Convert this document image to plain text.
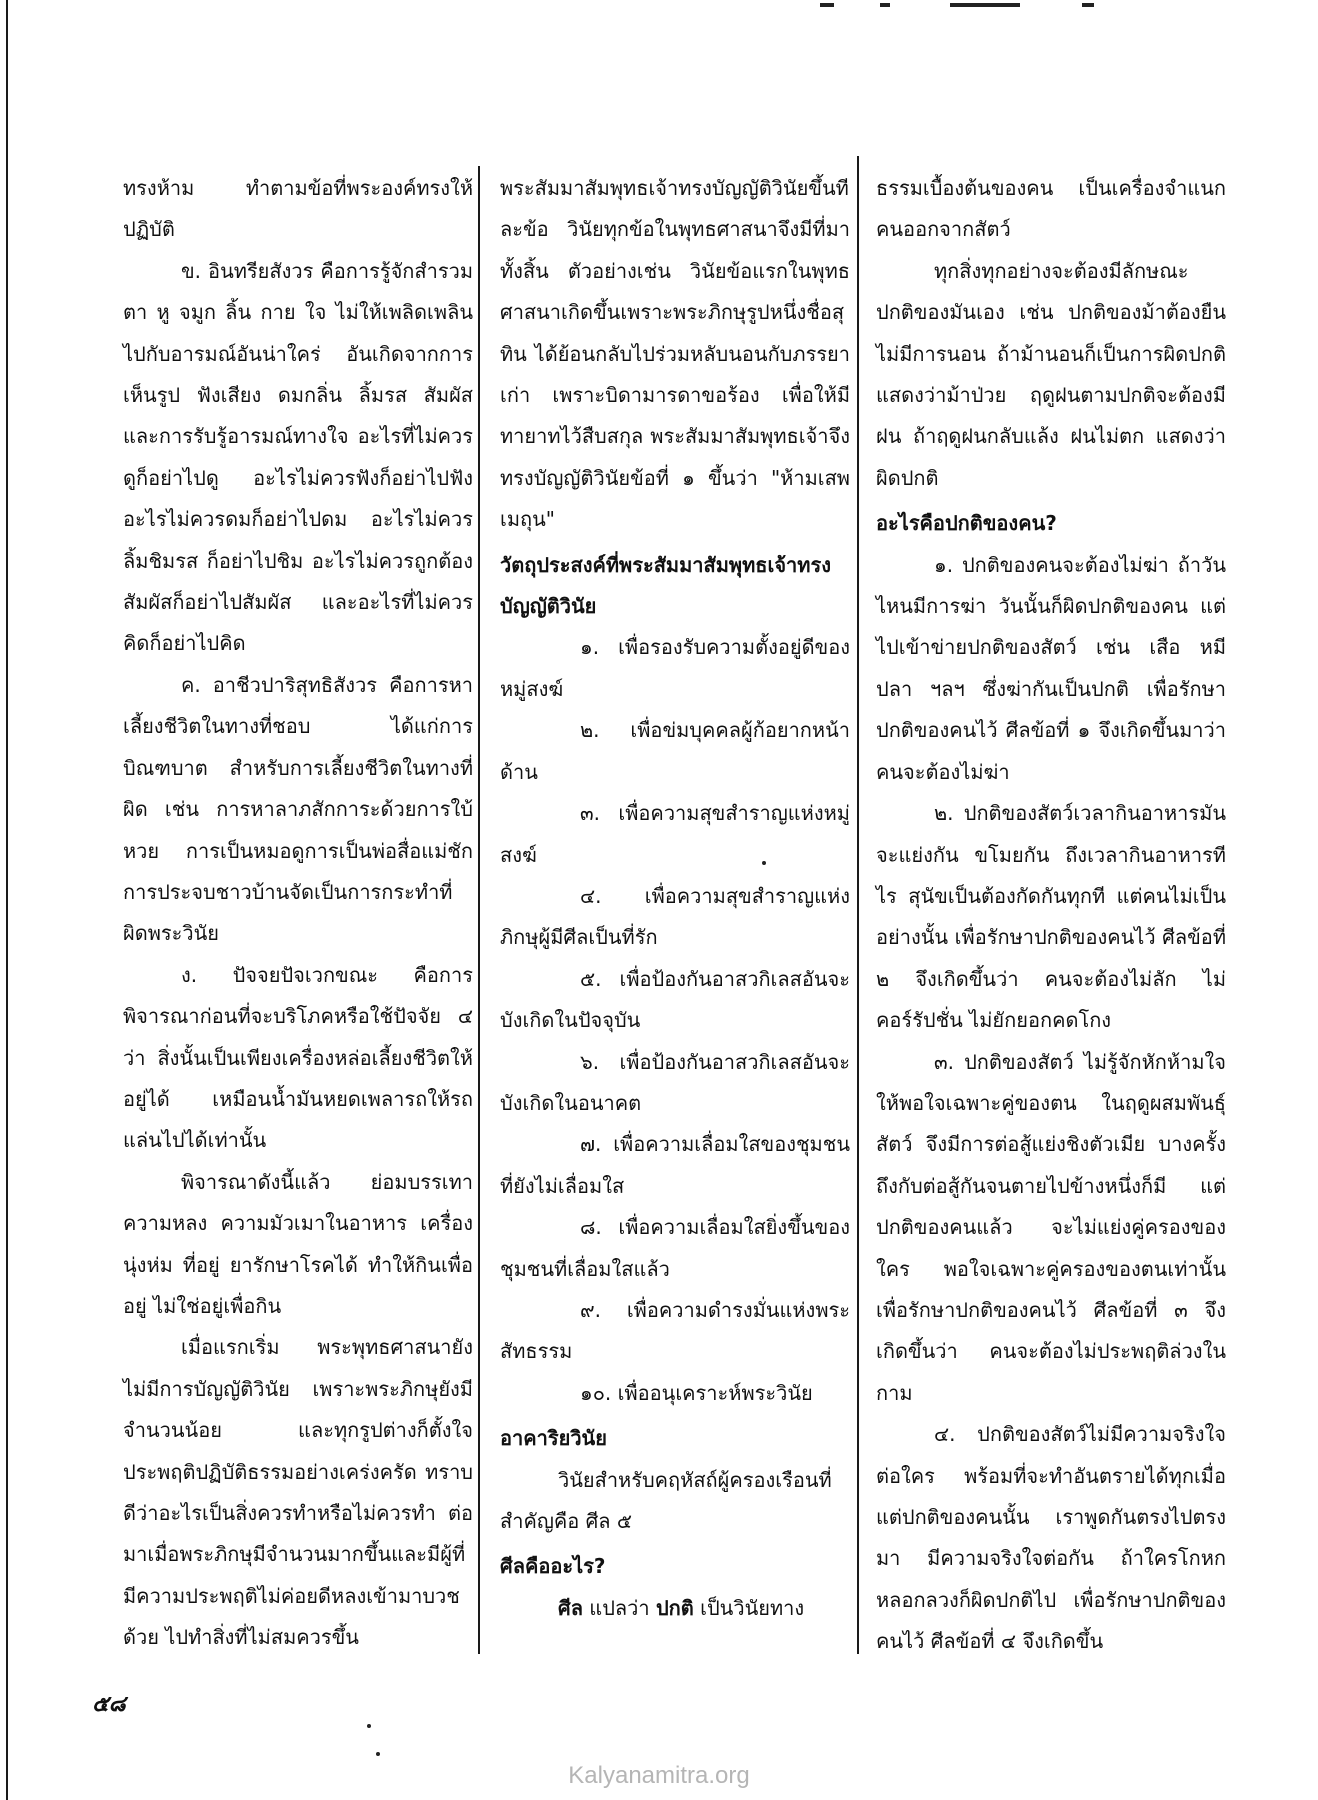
ทรงห้าม ทำตามข้อที่พระองค์ทรงให้ปฏิบัติ

ข. อินทรียสังวร คือการรู้จักสำรวม ตา หู จมูก ลิ้น กาย ใจ ไม่ให้เพลิดเพลินไปกับอารมณ์อันน่าใคร่ อันเกิดจากการเห็นรูป ฟังเสียง ดมกลิ่น ลิ้มรส สัมผัส และการรับรู้อารมณ์ทางใจ อะไรที่ไม่ควรดูก็อย่าไปดู อะไรไม่ควรฟังก็อย่าไปฟัง อะไรไม่ควรดมก็อย่าไปดม อะไรไม่ควรลิ้มชิมรส ก็อย่าไปชิม อะไรไม่ควรถูกต้องสัมผัสก็อย่าไปสัมผัส และอะไรที่ไม่ควรคิดก็อย่าไปคิด

ค. อาชีวปาริสุทธิสังวร คือการหาเลี้ยงชีวิตในทางที่ชอบ ได้แก่การบิณฑบาต สำหรับการเลี้ยงชีวิตในทางที่ผิด เช่น การหาลาภสักการะด้วยการใบ้หวย การเป็นหมอดูการเป็นพ่อสื่อแม่ชักการประจบชาวบ้านจัดเป็นการกระทำที่ผิดพระวินัย

ง. ปัจจยปัจเวกขณะ คือการพิจารณาก่อนที่จะบริโภคหรือใช้ปัจจัย ๔ ว่า สิ่งนั้นเป็นเพียงเครื่องหล่อเลี้ยงชีวิตให้อยู่ได้ เหมือนน้ำมันหยดเพลารถให้รถแล่นไปได้เท่านั้น

พิจารณาดังนี้แล้ว ย่อมบรรเทาความหลง ความมัวเมาในอาหาร เครื่องนุ่งห่ม ที่อยู่ ยารักษาโรคได้ ทำให้กินเพื่ออยู่ ไม่ใช่อยู่เพื่อกิน

เมื่อแรกเริ่ม พระพุทธศาสนายังไม่มีการบัญญัติวินัย เพราะพระภิกษุยังมีจำนวนน้อย และทุกรูปต่างก็ตั้งใจประพฤติปฏิบัติธรรมอย่างเคร่งครัด ทราบดีว่าอะไรเป็นสิ่งควรทำหรือไม่ควรทำ ต่อมาเมื่อพระภิกษุมีจำนวนมากขึ้นและมีผู้ที่มีความประพฤติไม่ค่อยดีหลงเข้ามาบวชด้วย ไปทำสิ่งที่ไม่สมควรขึ้น

พระสัมมาสัมพุทธเจ้าทรงบัญญัติวินัยขึ้นทีละข้อ วินัยทุกข้อในพุทธศาสนาจึงมีที่มาทั้งสิ้น ตัวอย่างเช่น วินัยข้อแรกในพุทธศาสนาเกิดขึ้นเพราะพระภิกษุรูปหนึ่งชื่อสุทิน ได้ย้อนกลับไปร่วมหลับนอนกับภรรยาเก่า เพราะบิดามารดาขอร้อง เพื่อให้มีทายาทไว้สืบสกุล พระสัมมาสัมพุทธเจ้าจึงทรงบัญญัติวินัยข้อที่ ๑ ขึ้นว่า "ห้ามเสพเมถุน"

วัตถุประสงค์ที่พระสัมมาสัมพุทธเจ้าทรงบัญญัติวินัย

๑. เพื่อรองรับความตั้งอยู่ดีของหมู่สงฆ์

๒. เพื่อข่มบุคคลผู้ก้อยากหน้าด้าน

๓. เพื่อความสุขสำราญแห่งหมู่สงฆ์

๔. เพื่อความสุขสำราญแห่งภิกษุผู้มีศีลเป็นที่รัก

๕. เพื่อป้องกันอาสวกิเลสอันจะบังเกิดในปัจจุบัน

๖. เพื่อป้องกันอาสวกิเลสอันจะบังเกิดในอนาคต

๗. เพื่อความเลื่อมใสของชุมชนที่ยังไม่เลื่อมใส

๘. เพื่อความเลื่อมใสยิ่งขึ้นของชุมชนที่เลื่อมใสแล้ว

๙. เพื่อความดำรงมั่นแห่งพระสัทธรรม

๑๐. เพื่ออนุเคราะห์พระวินัย

อาคาริยวินัย

วินัยสำหรับคฤหัสถ์ผู้ครองเรือนที่สำคัญคือ ศีล ๕

ศีลคืออะไร?

ศีล แปลว่า ปกติ เป็นวินัยทาง

ธรรมเบื้องต้นของคน เป็นเครื่องจำแนกคนออกจากสัตว์

ทุกสิ่งทุกอย่างจะต้องมีลักษณะปกติของมันเอง เช่น ปกติของม้าต้องยืน ไม่มีการนอน ถ้าม้านอนก็เป็นการผิดปกติ แสดงว่าม้าป่วย ฤดูฝนตามปกติจะต้องมีฝน ถ้าฤดูฝนกลับแล้ง ฝนไม่ตก แสดงว่าผิดปกติ

อะไรคือปกติของคน?

๑. ปกติของคนจะต้องไม่ฆ่า ถ้าวันไหนมีการฆ่า วันนั้นก็ผิดปกติของคน แต่ไปเข้าข่ายปกติของสัตว์ เช่น เสือ หมี ปลา ฯลฯ ซึ่งฆ่ากันเป็นปกติ เพื่อรักษาปกติของคนไว้ ศีลข้อที่ ๑ จึงเกิดขึ้นมาว่า คนจะต้องไม่ฆ่า

๒. ปกติของสัตว์เวลากินอาหารมันจะแย่งกัน ขโมยกัน ถึงเวลากินอาหารทีไร สุนัขเป็นต้องกัดกันทุกที แต่คนไม่เป็นอย่างนั้น เพื่อรักษาปกติของคนไว้ ศีลข้อที่ ๒ จึงเกิดขึ้นว่า คนจะต้องไม่ลัก ไม่คอร์รัปชั่น ไม่ยักยอกคดโกง

๓. ปกติของสัตว์ ไม่รู้จักหักห้ามใจให้พอใจเฉพาะคู่ของตน ในฤดูผสมพันธุ์สัตว์ จึงมีการต่อสู้แย่งชิงตัวเมีย บางครั้งถึงกับต่อสู้กันจนตายไปข้างหนึ่งก็มี แต่ปกติของคนแล้ว จะไม่แย่งคู่ครองของใคร พอใจเฉพาะคู่ครองของตนเท่านั้น เพื่อรักษาปกติของคนไว้ ศีลข้อที่ ๓ จึงเกิดขึ้นว่า คนจะต้องไม่ประพฤติล่วงในกาม

๔. ปกติของสัตว์ไม่มีความจริงใจต่อใคร พร้อมที่จะทำอันตรายได้ทุกเมื่อ แต่ปกติของคนนั้น เราพูดกันตรงไปตรงมา มีความจริงใจต่อกัน ถ้าใครโกหกหลอกลวงก็ผิดปกติไป เพื่อรักษาปกติของคนไว้ ศีลข้อที่ ๔ จึงเกิดขึ้น

๕๘
Kalyanamitra.org
